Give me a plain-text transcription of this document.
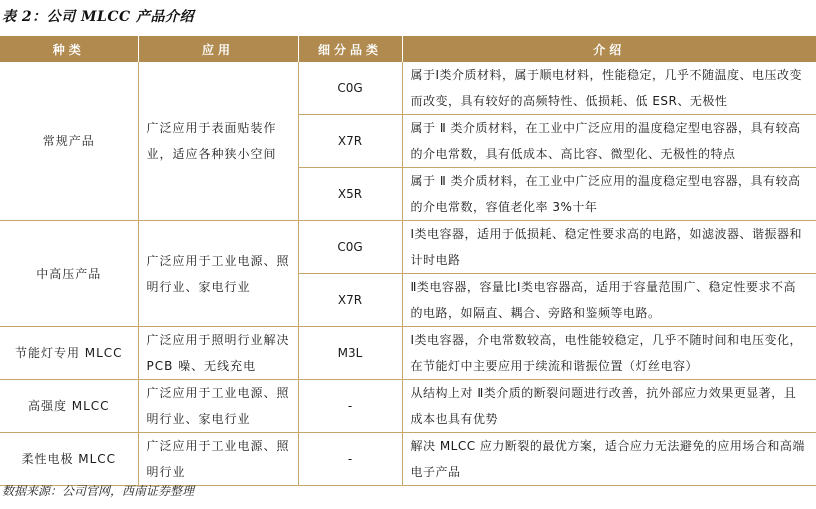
表 2：公司 MLCC 产品介绍
种类	应用	细分品类	介绍
常规产品	广泛应用于表面贴装作业，适应各种狭小空间	C0G	属于Ⅰ类介质材料，属于顺电材料，性能稳定，几乎不随温度、电压改变而改变，具有较好的高频特性、低损耗、低 ESR、无极性
		X7R	属于 Ⅱ 类介质材料，在工业中广泛应用的温度稳定型电容器，具有较高的介电常数，具有低成本、高比容、微型化、无极性的特点
		X5R	属于 Ⅱ 类介质材料，在工业中广泛应用的温度稳定型电容器，具有较高的介电常数，容值老化率 3%十年
中高压产品	广泛应用于工业电源、照明行业、家电行业	C0G	Ⅰ类电容器，适用于低损耗、稳定性要求高的电路，如滤波器、谐振器和计时电路
		X7R	Ⅱ类电容器，容量比Ⅰ类电容器高，适用于容量范围广、稳定性要求不高的电路，如隔直、耦合、旁路和鉴频等电路。
节能灯专用 MLCC	广泛应用于照明行业解决 PCB 噪、无线充电	M3L	Ⅰ类电容器，介电常数较高，电性能较稳定，几乎不随时间和电压变化，在节能灯中主要应用于续流和谐振位置（灯丝电容）
高强度 MLCC	广泛应用于工业电源、照明行业、家电行业	-	从结构上对 Ⅱ类介质的断裂问题进行改善，抗外部应力效果更显著，且成本也具有优势
柔性电极 MLCC	广泛应用于工业电源、照明行业	-	解决 MLCC 应力断裂的最优方案，适合应力无法避免的应用场合和高端电子产品
数据来源：公司官网，西南证券整理
